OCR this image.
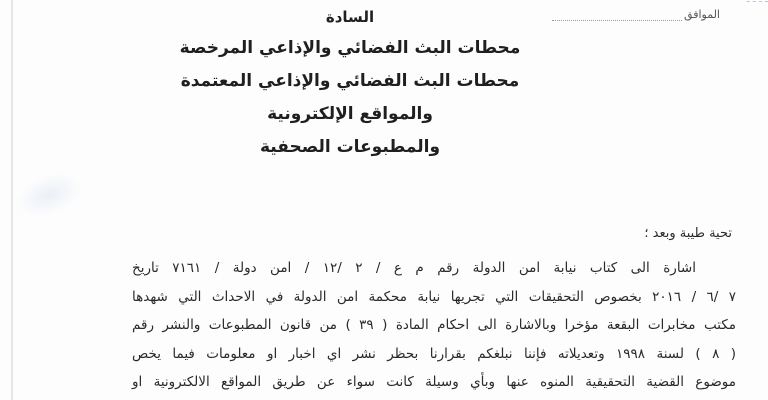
الموافق
السادة
محطات البث الفضائي والإذاعي المرخصة
محطات البث الفضائي والإذاعي المعتمدة
والمواقع الإلكترونية
والمطبوعات الصحفية
تحية طيبة وبعد ؛
اشارة الى كتاب نيابة امن الدولة رقم م ع / ٢ /١٢ / امن دولة / ٧١٦١ تاريخ
٧ /٦ / ٢٠١٦ بخصوص التحقيقات التي تجريها نيابة محكمة امن الدولة في الاحداث التي شهدها
مكتب مخابرات البقعة مؤخرا وبالاشارة الى احكام المادة ( ٣٩ ) من قانون المطبوعات والنشر رقم
( ٨ ) لسنة ١٩٩٨ وتعديلاته فإننا نبلغكم بقرارنا بحظر نشر اي اخبار او معلومات فيما يخص
موضوع القضية التحقيقية المنوه عنها وبأي وسيلة كانت سواء عن طريق المواقع الالكترونية او
